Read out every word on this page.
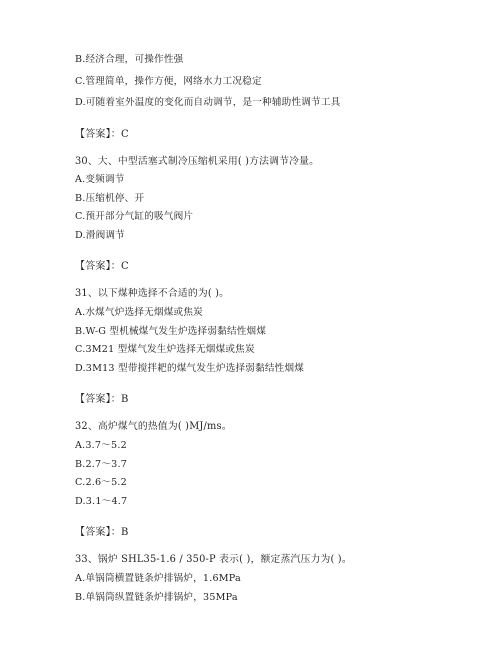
B.经济合理，可操作性强
C.管理简单，操作方便，网络水力工况稳定
D.可随着室外温度的变化而自动调节，是一种辅助性调节工具
【答案】：C
30、大、中型活塞式制冷压缩机采用( )方法调节冷量。
A.变频调节
B.压缩机停、开
C.预开部分气缸的吸气阀片
D.滑阀调节
【答案】：C
31、以下煤种选择不合适的为( )。
A.水煤气炉选择无烟煤或焦炭
B.W-G 型机械煤气发生炉选择弱黏结性烟煤
C.3M21 型煤气发生炉选择无烟煤或焦炭
D.3M13 型带搅拌耙的煤气发生炉选择弱黏结性烟煤
【答案】：B
32、高炉煤气的热值为( )MJ/ms。
A.3.7～5.2
B.2.7～3.7
C.2.6～5.2
D.3.1～4.7
【答案】：B
33、锅炉 SHL35-1.6 / 350-P 表示( )，额定蒸汽压力为( )。
A.单锅筒横置链条炉排锅炉，1.6MPa
B.单锅筒纵置链条炉排锅炉，35MPa
